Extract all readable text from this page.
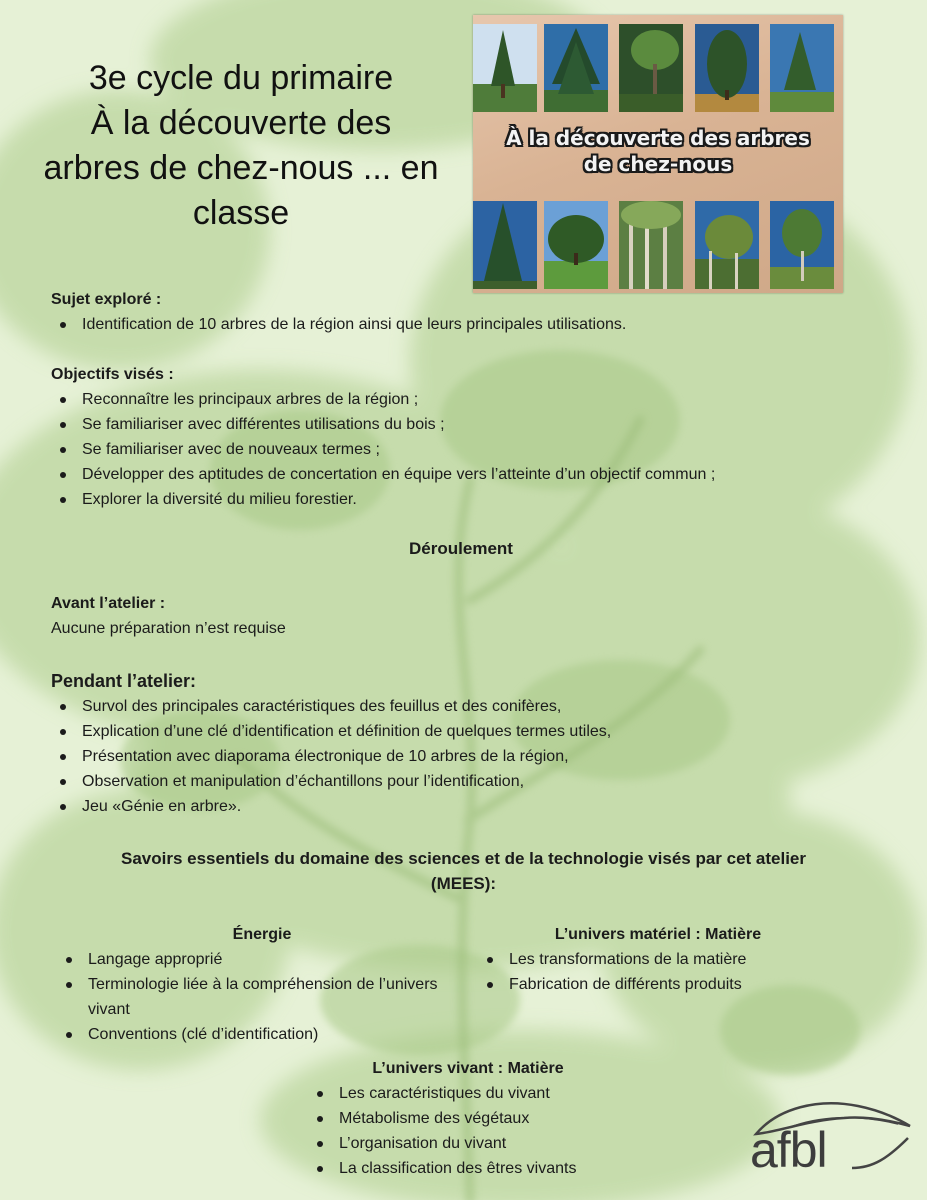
3e cycle du primaire
À la découverte des
arbres de chez-nous ... en
classe
À la découverte des arbres
de chez-nous
Sujet exploré :
Identification de 10 arbres de la région ainsi que leurs principales utilisations.
Objectifs visés :
Reconnaître les principaux arbres de la région ;
Se familiariser avec différentes utilisations du bois ;
Se familiariser avec de nouveaux termes ;
Développer des aptitudes de concertation en équipe vers l’atteinte d’un objectif commun ;
Explorer la diversité du milieu forestier.
Déroulement
Avant l’atelier :
Aucune préparation n’est requise
Pendant l’atelier:
Survol des principales caractéristiques des feuillus et des conifères,
Explication d’une clé d’identification et définition de quelques termes utiles,
Présentation avec diaporama électronique de 10 arbres de la région,
Observation et manipulation d’échantillons pour l’identification,
Jeu «Génie en arbre».
Savoirs essentiels du domaine des sciences et de la technologie visés par cet atelier
(MEES):
Énergie
Langage approprié
Terminologie liée à la compréhension de l’univers vivant
Conventions (clé d’identification)
L’univers matériel : Matière
Les transformations de la matière
Fabrication de différents produits
L’univers vivant : Matière
Les caractéristiques du vivant
Métabolisme des végétaux
L’organisation du vivant
La classification des êtres vivants	afbl
